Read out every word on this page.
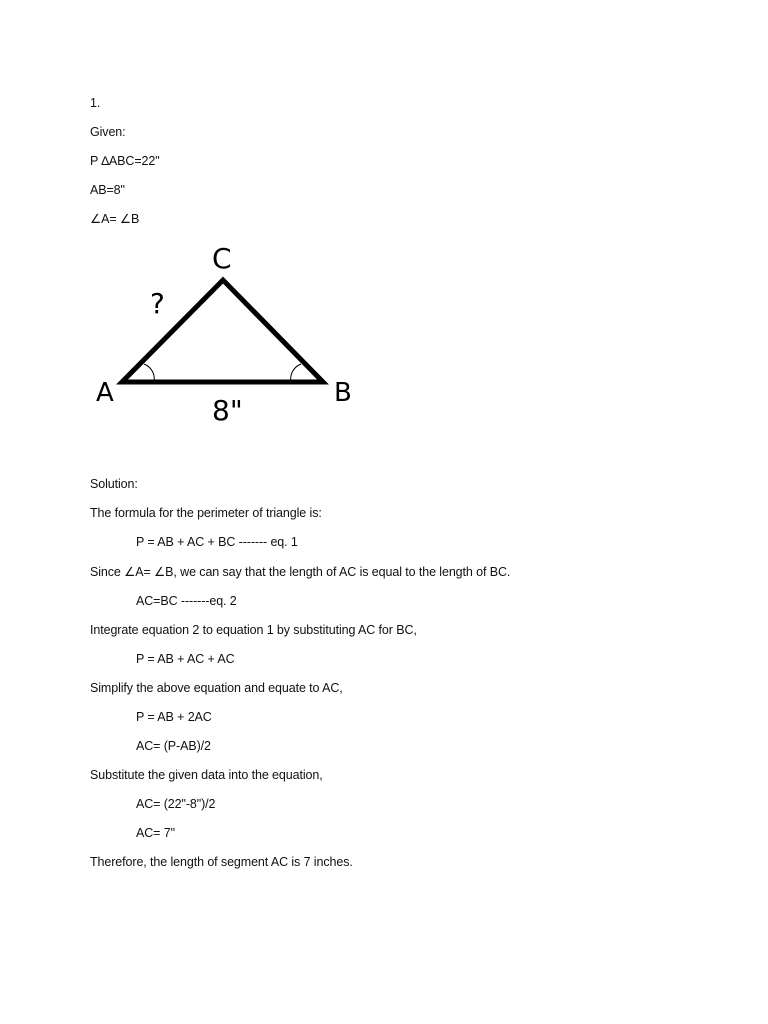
1.
Given:
P ∆ABC=22"
AB=8"
∠A= ∠B
A	B
C
8"
?
Solution:
The formula for the perimeter of triangle is:
P = AB + AC + BC ------- eq. 1
Since ∠A= ∠B, we can say that the length of AC is equal to the length of BC.
AC=BC -------eq. 2
Integrate equation 2 to equation 1 by substituting AC for BC,
P = AB + AC + AC
Simplify the above equation and equate to AC,
P = AB + 2AC
AC= (P-AB)/2
Substitute the given data into the equation,
AC= (22"-8")/2
AC= 7"
Therefore, the length of segment AC is 7 inches.
